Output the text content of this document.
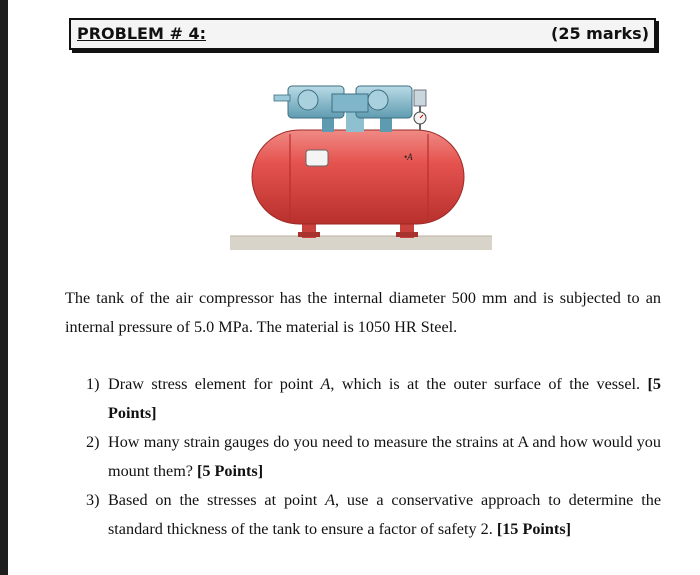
PROBLEM # 4:	(25 marks)
•A
The tank of the air compressor has the internal diameter 500 mm and is subjected to an internal pressure of 5.0 MPa. The material is 1050 HR Steel.
1) Draw stress element for point A, which is at the outer surface of the vessel. [5 Points]
2) How many strain gauges do you need to measure the strains at A and how would you mount them? [5 Points]
3) Based on the stresses at point A, use a conservative approach to determine the standard thickness of the tank to ensure a factor of safety 2. [15 Points]
